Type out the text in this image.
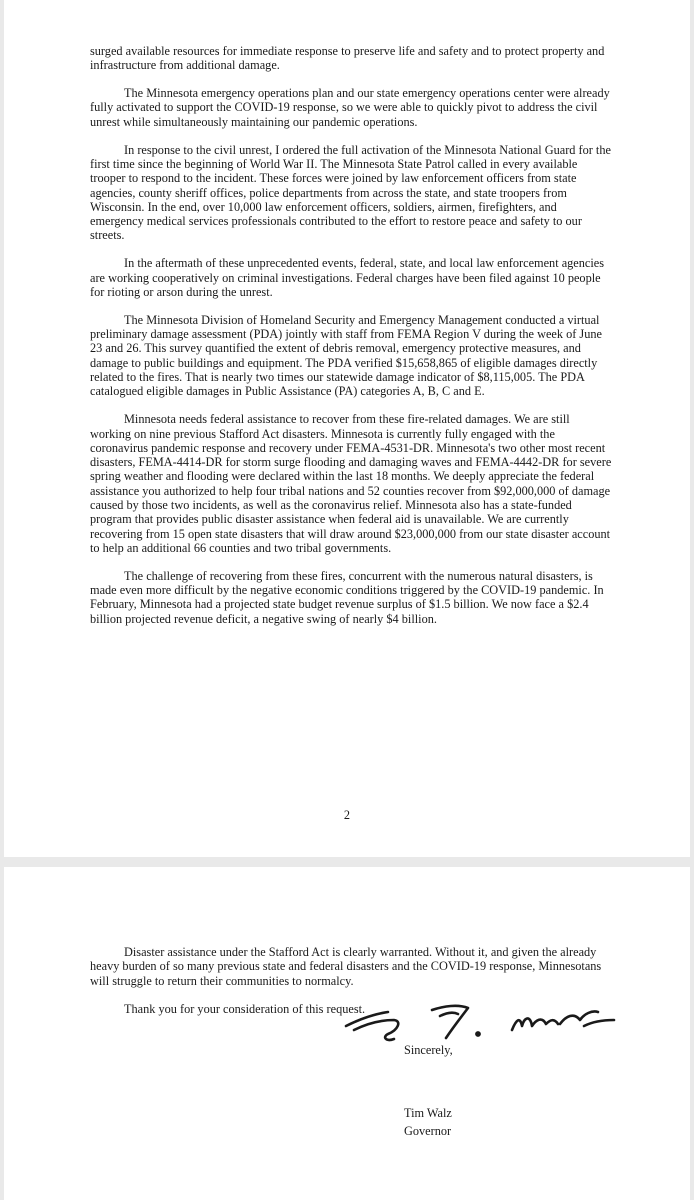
surged available resources for immediate response to preserve life and safety and to protect property and infrastructure from additional damage.

The Minnesota emergency operations plan and our state emergency operations center were already fully activated to support the COVID-19 response, so we were able to quickly pivot to address the civil unrest while simultaneously maintaining our pandemic operations.

In response to the civil unrest, I ordered the full activation of the Minnesota National Guard for the first time since the beginning of World War II. The Minnesota State Patrol called in every available trooper to respond to the incident. These forces were joined by law enforcement officers from state agencies, county sheriff offices, police departments from across the state, and state troopers from Wisconsin. In the end, over 10,000 law enforcement officers, soldiers, airmen, firefighters, and emergency medical services professionals contributed to the effort to restore peace and safety to our streets.

In the aftermath of these unprecedented events, federal, state, and local law enforcement agencies are working cooperatively on criminal investigations. Federal charges have been filed against 10 people for rioting or arson during the unrest.

The Minnesota Division of Homeland Security and Emergency Management conducted a virtual preliminary damage assessment (PDA) jointly with staff from FEMA Region V during the week of June 23 and 26. This survey quantified the extent of debris removal, emergency protective measures, and damage to public buildings and equipment. The PDA verified $15,658,865 of eligible damages directly related to the fires. That is nearly two times our statewide damage indicator of $8,115,005. The PDA catalogued eligible damages in Public Assistance (PA) categories A, B, C and E.

Minnesota needs federal assistance to recover from these fire-related damages. We are still working on nine previous Stafford Act disasters. Minnesota is currently fully engaged with the coronavirus pandemic response and recovery under FEMA-4531-DR. Minnesota's two other most recent disasters, FEMA-4414-DR for storm surge flooding and damaging waves and FEMA-4442-DR for severe spring weather and flooding were declared within the last 18 months. We deeply appreciate the federal assistance you authorized to help four tribal nations and 52 counties recover from $92,000,000 of damage caused by those two incidents, as well as the coronavirus relief. Minnesota also has a state-funded program that provides public disaster assistance when federal aid is unavailable. We are currently recovering from 15 open state disasters that will draw around $23,000,000 from our state disaster account to help an additional 66 counties and two tribal governments.

The challenge of recovering from these fires, concurrent with the numerous natural disasters, is made even more difficult by the negative economic conditions triggered by the COVID-19 pandemic. In February, Minnesota had a projected state budget revenue surplus of $1.5 billion. We now face a $2.4 billion projected revenue deficit, a negative swing of nearly $4 billion.

2

Disaster assistance under the Stafford Act is clearly warranted. Without it, and given the already heavy burden of so many previous state and federal disasters and the COVID-19 response, Minnesotans will struggle to return their communities to normalcy.

Thank you for your consideration of this request.

Sincerely,
Tim Walz
Governor
